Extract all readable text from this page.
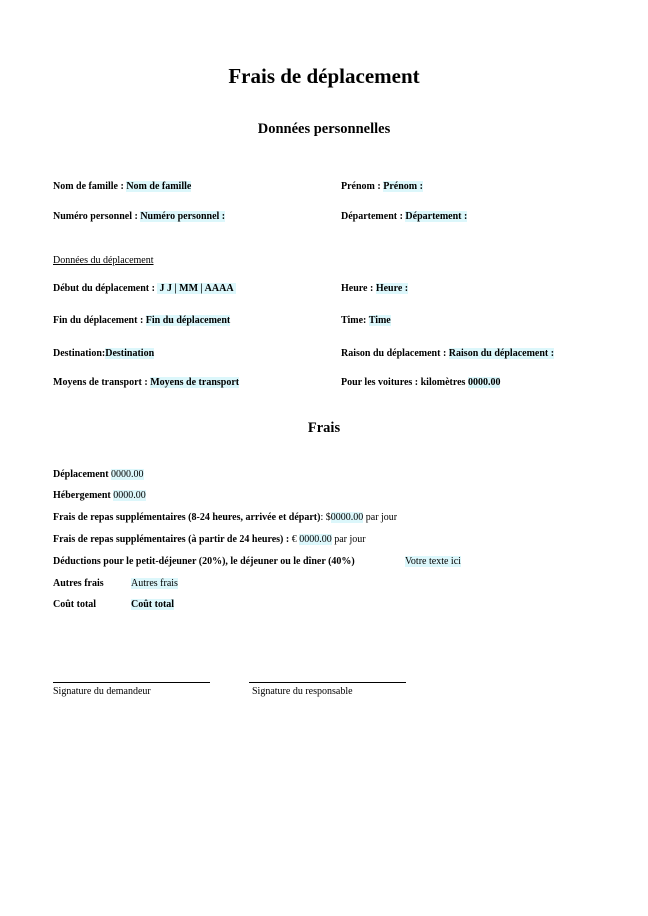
Frais de déplacement
Données personnelles
Nom de famille : Nom de famille	Prénom : Prénom :
Numéro personnel : Numéro personnel :	Département : Département :
Données du déplacement
Début du déplacement : J J | MM | AAAA	Heure : Heure :
Fin du déplacement : Fin du déplacement	Time: Time
Destination:Destination	Raison du déplacement : Raison du déplacement :
Moyens de transport : Moyens de transport	Pour les voitures : kilomètres 0000.00
Frais
Déplacement 0000.00
Hébergement 0000.00
Frais de repas supplémentaires (8-24 heures, arrivée et départ): $0000.00 par jour
Frais de repas supplémentaires (à partir de 24 heures) : € 0000.00 par jour
Déductions pour le petit-déjeuner (20%), le déjeuner ou le dîner (40%)	Votre texte ici
Autres frais	Autres frais
Coût total	Coût total
Signature du demandeur	Signature du responsable
